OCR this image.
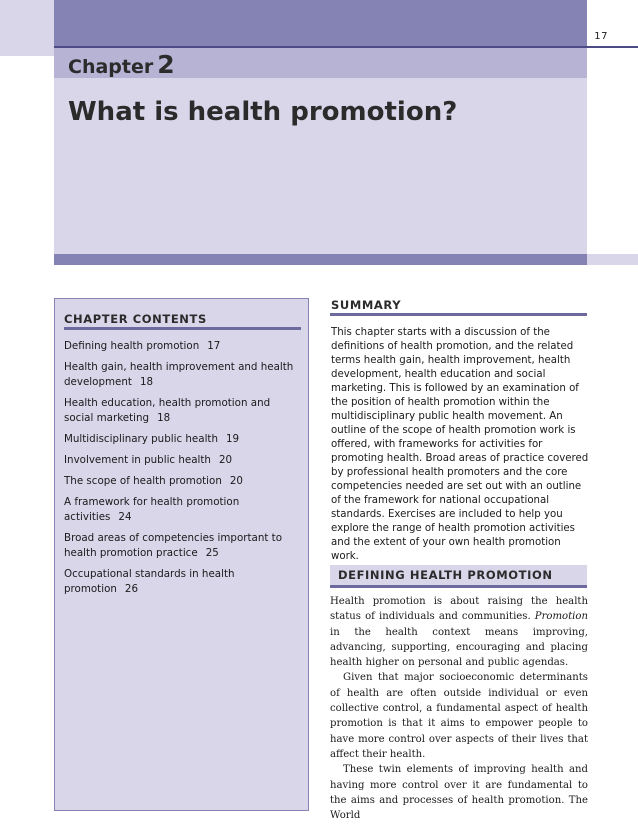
17
Chapter 2
What is health promotion?
CHAPTER CONTENTS
Defining health promotion 17
Health gain, health improvement and health development 18
Health education, health promotion and social marketing 18
Multidisciplinary public health 19
Involvement in public health 20
The scope of health promotion 20
A framework for health promotion activities 24
Broad areas of competencies important to health promotion practice 25
Occupational standards in health promotion 26
SUMMARY

This chapter starts with a discussion of the definitions of health promotion, and the related terms health gain, health improvement, health development, health education and social marketing. This is followed by an examination of the position of health promotion within the multidisciplinary public health movement. An outline of the scope of health promotion work is offered, with frameworks for activities for promoting health. Broad areas of practice covered by professional health promoters and the core competencies needed are set out with an outline of the framework for national occupational standards. Exercises are included to help you explore the range of health promotion activities and the extent of your own health promotion work.

DEFINING HEALTH PROMOTION
Health promotion is about raising the health status of individuals and communities. Promotion in the health context means improving, advancing, supporting, encouraging and placing health higher on personal and public agendas.
Given that major socioeconomic determinants of health are often outside individual or even collective control, a fundamental aspect of health promotion is that it aims to empower people to have more control over aspects of their lives that affect their health.
These twin elements of improving health and having more control over it are fundamental to the aims and processes of health promotion. The World
